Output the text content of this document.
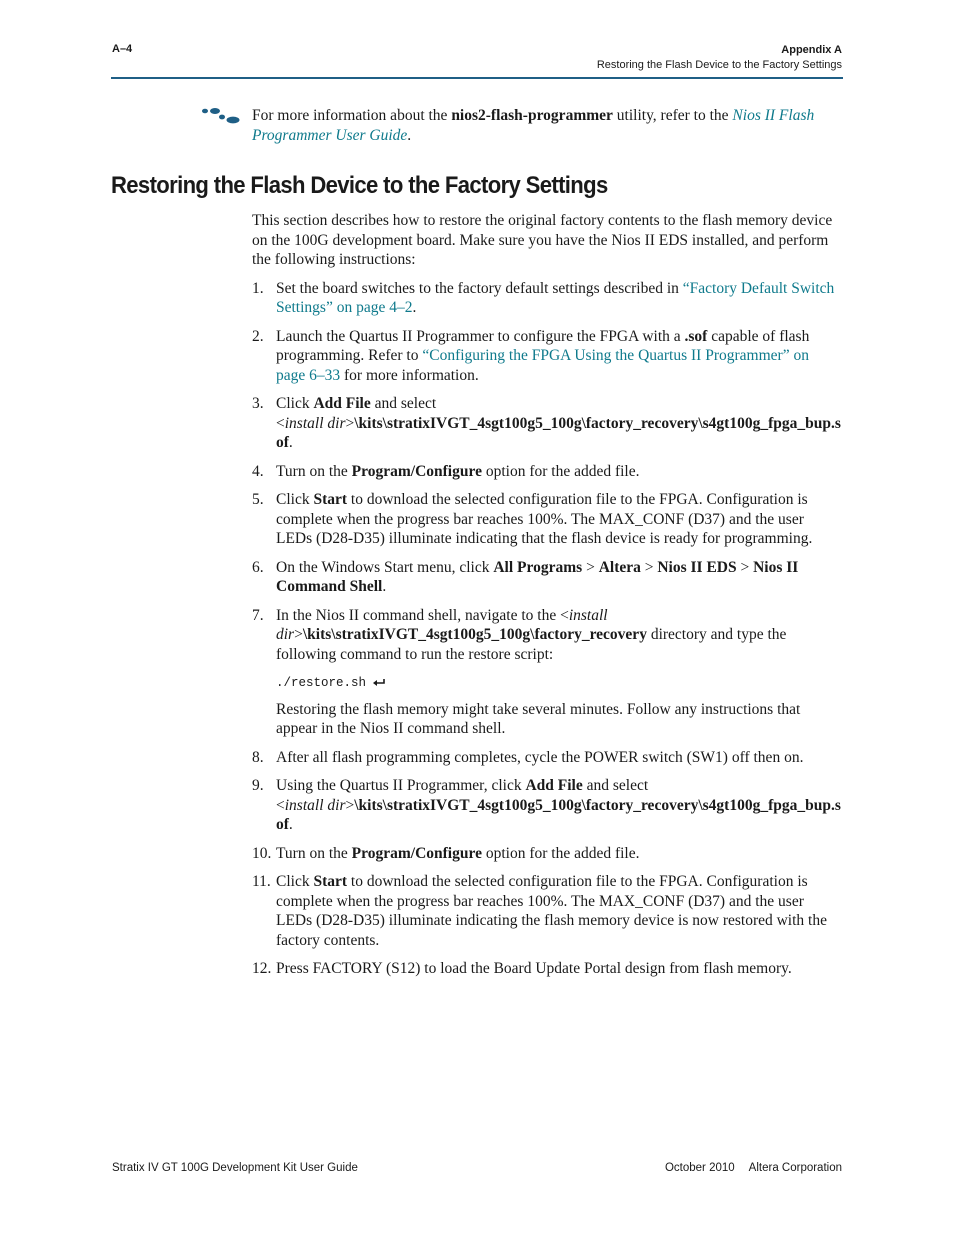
A–4	Appendix A
Restoring the Flash Device to the Factory Settings
For more information about the nios2-flash-programmer utility, refer to the Nios II Flash Programmer User Guide.
Restoring the Flash Device to the Factory Settings

This section describes how to restore the original factory contents to the flash memory device on the 100G development board. Make sure you have the Nios II EDS installed, and perform the following instructions:

1. Set the board switches to the factory default settings described in “Factory Default Switch Settings” on page 4–2.
2. Launch the Quartus II Programmer to configure the FPGA with a .sof capable of flash programming. Refer to “Configuring the FPGA Using the Quartus II Programmer” on page 6–33 for more information.
3. Click Add File and select
<install dir>\kits\stratixIVGT_4sgt100g5_100g\factory_recovery\s4gt100g_fpga_bup.sof.
4. Turn on the Program/Configure option for the added file.
5. Click Start to download the selected configuration file to the FPGA. Configuration is complete when the progress bar reaches 100%. The MAX_CONF (D37) and the user LEDs (D28-D35) illuminate indicating that the flash device is ready for programming.
6. On the Windows Start menu, click All Programs > Altera > Nios II EDS > Nios II Command Shell.
7. In the Nios II command shell, navigate to the <install dir>\kits\stratixIVGT_4sgt100g5_100g\factory_recovery directory and type the following command to run the restore script:
./restore.sh
Restoring the flash memory might take several minutes. Follow any instructions that appear in the Nios II command shell.
8. After all flash programming completes, cycle the POWER switch (SW1) off then on.
9. Using the Quartus II Programmer, click Add File and select
<install dir>\kits\stratixIVGT_4sgt100g5_100g\factory_recovery\s4gt100g_fpga_bup.sof.
10. Turn on the Program/Configure option for the added file.
11. Click Start to download the selected configuration file to the FPGA. Configuration is complete when the progress bar reaches 100%. The MAX_CONF (D37) and the user LEDs (D28-D35) illuminate indicating the flash memory device is now restored with the factory contents.
12. Press FACTORY (S12) to load the Board Update Portal design from flash memory.
Stratix IV GT 100G Development Kit User Guide	October 2010 Altera Corporation
